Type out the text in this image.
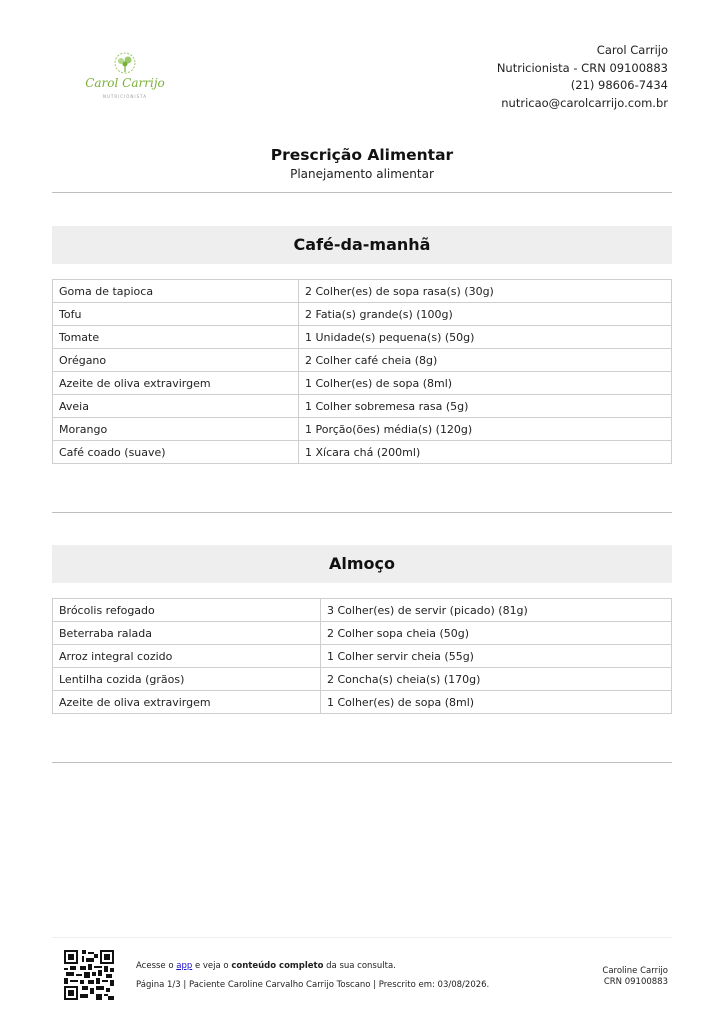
Carol Carrijo
NUTRICIONISTA
Carol Carrijo
Nutricionista - CRN 09100883
(21) 98606-7434
nutricao@carolcarrijo.com.br
Prescrição Alimentar
Planejamento alimentar
Café-da-manhã
Goma de tapioca	2 Colher(es) de sopa rasa(s) (30g)
Tofu	2 Fatia(s) grande(s) (100g)
Tomate	1 Unidade(s) pequena(s) (50g)
Orégano	2 Colher café cheia (8g)
Azeite de oliva extravirgem	1 Colher(es) de sopa (8ml)
Aveia	1 Colher sobremesa rasa (5g)
Morango	1 Porção(ões) média(s) (120g)
Café coado (suave)	1 Xícara chá (200ml)
Almoço
Brócolis refogado	3 Colher(es) de servir (picado) (81g)
Beterraba ralada	2 Colher sopa cheia (50g)
Arroz integral cozido	1 Colher servir cheia (55g)
Lentilha cozida (grãos)	2 Concha(s) cheia(s) (170g)
Azeite de oliva extravirgem	1 Colher(es) de sopa (8ml)
Acesse o app e veja o conteúdo completo da sua consulta.
Página 1/3 | Paciente Caroline Carvalho Carrijo Toscano | Prescrito em: 03/08/2026.
Caroline Carrijo
CRN 09100883
